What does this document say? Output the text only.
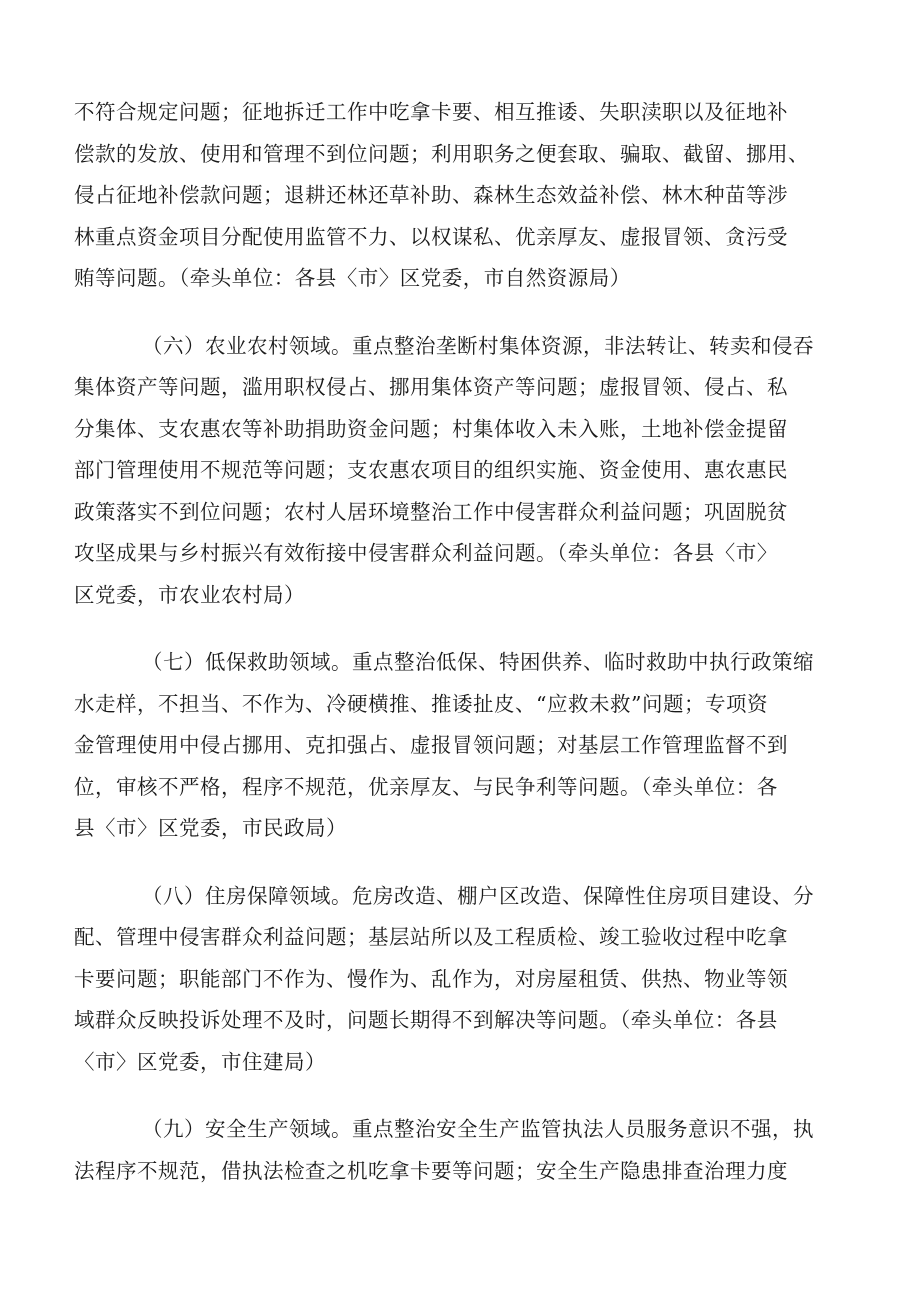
不符合规定问题；征地拆迁工作中吃拿卡要、相互推诿、失职渎职以及征地补
偿款的发放、使用和管理不到位问题；利用职务之便套取、骗取、截留、挪用、
侵占征地补偿款问题；退耕还林还草补助、森林生态效益补偿、林木种苗等涉
林重点资金项目分配使用监管不力、以权谋私、优亲厚友、虚报冒领、贪污受
贿等问题。（牵头单位：各县〈市〉区党委，市自然资源局）

（六）农业农村领域。重点整治垄断村集体资源，非法转让、转卖和侵吞
集体资产等问题，滥用职权侵占、挪用集体资产等问题；虚报冒领、侵占、私
分集体、支农惠农等补助捐助资金问题；村集体收入未入账，土地补偿金提留
部门管理使用不规范等问题；支农惠农项目的组织实施、资金使用、惠农惠民
政策落实不到位问题；农村人居环境整治工作中侵害群众利益问题；巩固脱贫
攻坚成果与乡村振兴有效衔接中侵害群众利益问题。（牵头单位：各县〈市〉
区党委，市农业农村局）

（七）低保救助领域。重点整治低保、特困供养、临时救助中执行政策缩
水走样，不担当、不作为、冷硬横推、推诿扯皮、“应救未救”问题；专项资
金管理使用中侵占挪用、克扣强占、虚报冒领问题；对基层工作管理监督不到
位，审核不严格，程序不规范，优亲厚友、与民争利等问题。（牵头单位：各
县〈市〉区党委，市民政局）

（八）住房保障领域。危房改造、棚户区改造、保障性住房项目建设、分
配、管理中侵害群众利益问题；基层站所以及工程质检、竣工验收过程中吃拿
卡要问题；职能部门不作为、慢作为、乱作为，对房屋租赁、供热、物业等领
域群众反映投诉处理不及时，问题长期得不到解决等问题。（牵头单位：各县
〈市〉区党委，市住建局）

（九）安全生产领域。重点整治安全生产监管执法人员服务意识不强，执
法程序不规范，借执法检查之机吃拿卡要等问题；安全生产隐患排查治理力度
